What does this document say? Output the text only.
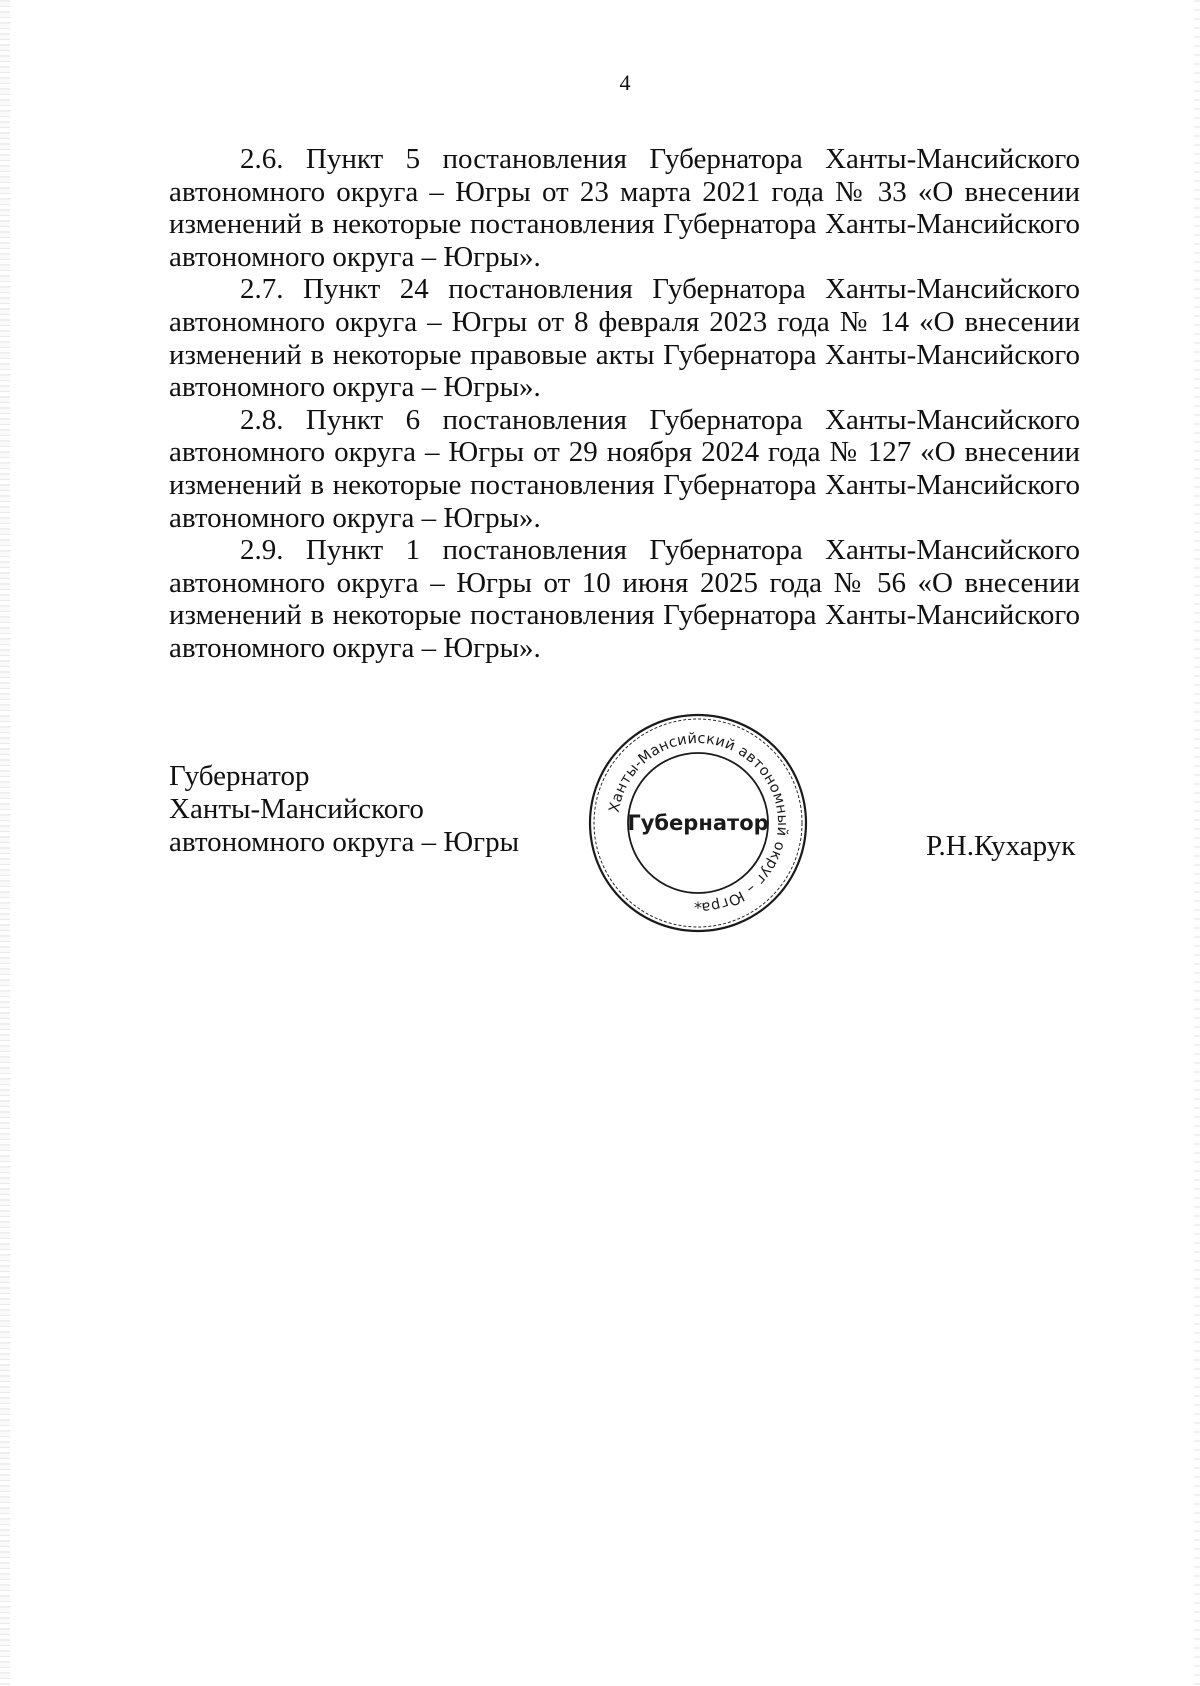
4

2.6. Пункт 5 постановления Губернатора Ханты-Мансийского автономного округа – Югры от 23 марта 2021 года № 33 «О внесении изменений в некоторые постановления Губернатора Ханты-Мансийского автономного округа – Югры».

2.7. Пункт 24 постановления Губернатора Ханты-Мансийского автономного округа – Югры от 8 февраля 2023 года № 14 «О внесении изменений в некоторые правовые акты Губернатора Ханты-Мансийского автономного округа – Югры».

2.8. Пункт 6 постановления Губернатора Ханты-Мансийского автономного округа – Югры от 29 ноября 2024 года № 127 «О внесении изменений в некоторые постановления Губернатора Ханты-Мансийского автономного округа – Югры».

2.9. Пункт 1 постановления Губернатора Ханты-Мансийского автономного округа – Югры от 10 июня 2025 года № 56 «О внесении изменений в некоторые постановления Губернатора Ханты-Мансийского автономного округа – Югры».

Губернатор
Ханты-Мансийского
автономного округа – Югры
Ханты-Мансийский автономный округ – Югра
Губернатор
*
Р.Н.Кухарук
